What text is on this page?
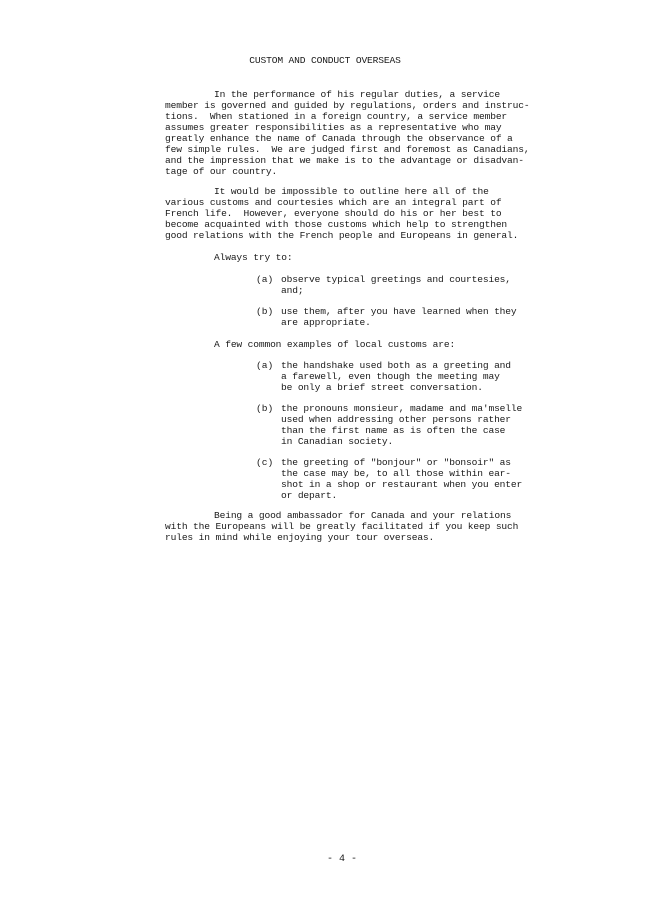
CUSTOM AND CONDUCT OVERSEAS
In the performance of his regular duties, a service
member is governed and guided by regulations, orders and instruc-
tions.  When stationed in a foreign country, a service member
assumes greater responsibilities as a representative who may
greatly enhance the name of Canada through the observance of a
few simple rules.  We are judged first and foremost as Canadians,
and the impression that we make is to the advantage or disadvan-
tage of our country.
It would be impossible to outline here all of the
various customs and courtesies which are an integral part of
French life.  However, everyone should do his or her best to
become acquainted with those customs which help to strengthen
good relations with the French people and Europeans in general.
Always try to:
(a) observe typical greetings and courtesies,
and;
(b) use them, after you have learned when they
are appropriate.
A few common examples of local customs are:
(a) the handshake used both as a greeting and
a farewell, even though the meeting may
be only a brief street conversation.
(b) the pronouns monsieur, madame and ma'mselle
used when addressing other persons rather
than the first name as is often the case
in Canadian society.
(c) the greeting of "bonjour" or "bonsoir" as
the case may be, to all those within ear-
shot in a shop or restaurant when you enter
or depart.
Being a good ambassador for Canada and your relations
with the Europeans will be greatly facilitated if you keep such
rules in mind while enjoying your tour overseas.
- 4 -
